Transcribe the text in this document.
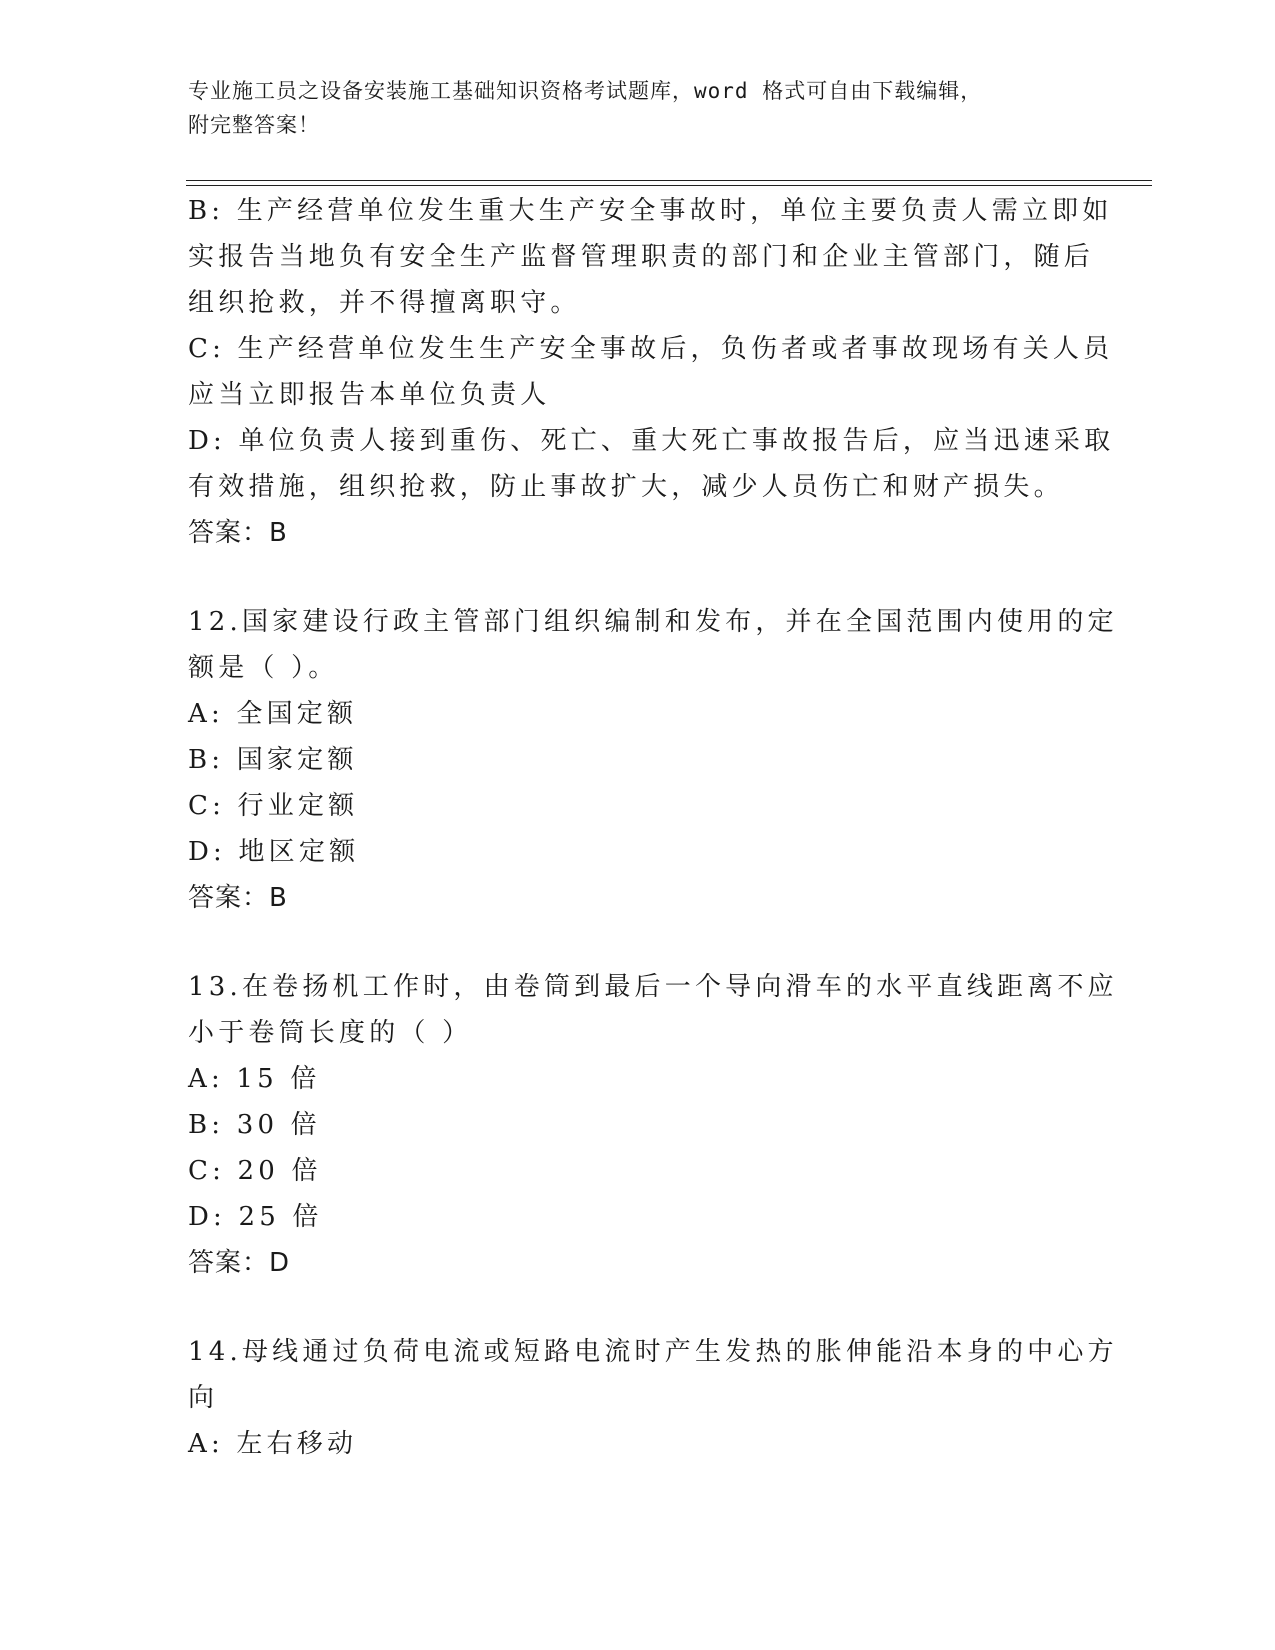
专业施工员之设备安装施工基础知识资格考试题库，word 格式可自由下载编辑，
附完整答案！
B: 生产经营单位发生重大生产安全事故时，单位主要负责人需立即如
实报告当地负有安全生产监督管理职责的部门和企业主管部门，随后
组织抢救，并不得擅离职守。
C: 生产经营单位发生生产安全事故后，负伤者或者事故现场有关人员
应当立即报告本单位负责人
D: 单位负责人接到重伤、死亡、重大死亡事故报告后，应当迅速采取
有效措施，组织抢救，防止事故扩大，减少人员伤亡和财产损失。
答案：B
12.国家建设行政主管部门组织编制和发布，并在全国范围内使用的定
额是（ ）。
A: 全国定额
B: 国家定额
C: 行业定额
D: 地区定额
答案：B
13.在卷扬机工作时，由卷筒到最后一个导向滑车的水平直线距离不应
小于卷筒长度的（ ）
A: 15 倍
B: 30 倍
C: 20 倍
D: 25 倍
答案：D
14.母线通过负荷电流或短路电流时产生发热的胀伸能沿本身的中心方
向
A: 左右移动
